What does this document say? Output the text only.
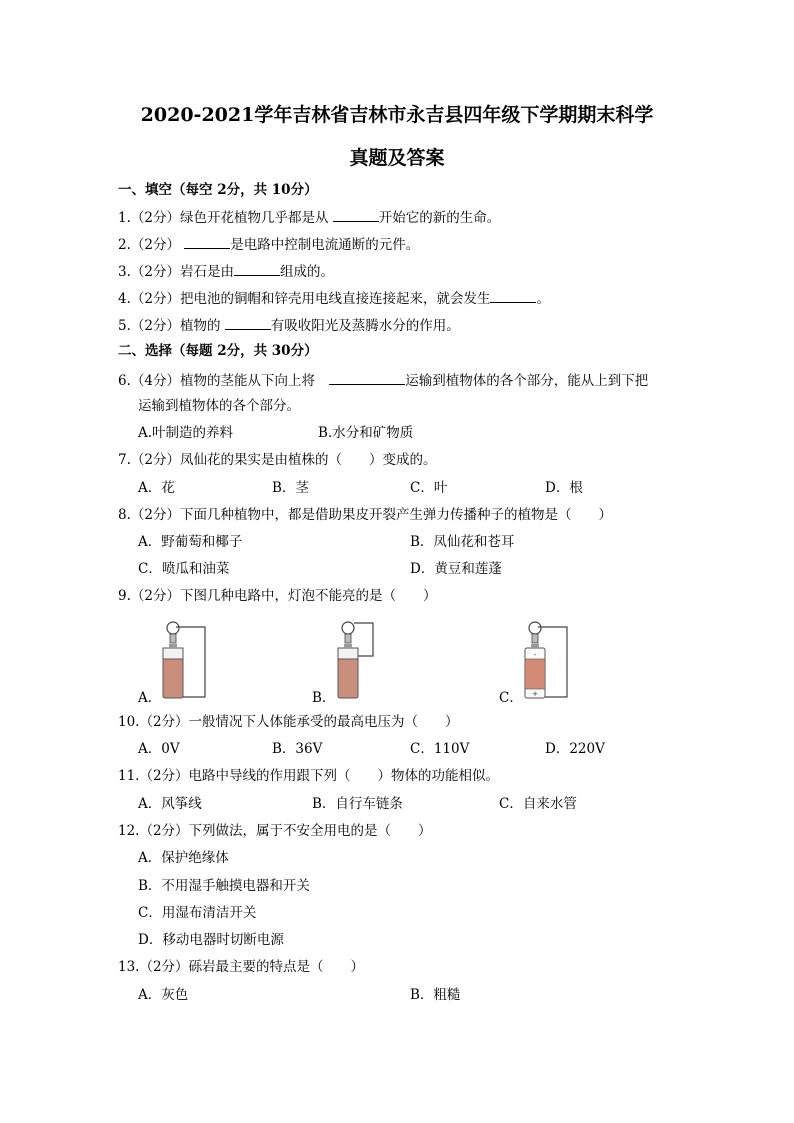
2020-2021学年吉林省吉林市永吉县四年级下学期期末科学
真题及答案
一、填空（每空 2分，共 10分）
1.（2分）绿色开花植物几乎都是从	开始它的新的生命。
2.（2分）	是电路中控制电流通断的元件。
3.（2分）岩石是由	组成的。
4.（2分）把电池的铜帽和锌壳用电线直接连接起来，就会发生	。
5.（2分）植物的	有吸收阳光及蒸腾水分的作用。
二、选择（每题 2分，共 30分）
6.（4分）植物的茎能从下向上将	运输到植物体的各个部分，能从上到下把
运输到植物体的各个部分。
A.叶制造的养料	B.水分和矿物质
7.（2分）凤仙花的果实是由植株的（　　）变成的。
A．花	B．茎	C．叶	D．根
8.（2分）下面几种植物中，都是借助果皮开裂产生弹力传播种子的植物是（　　）
A．野葡萄和椰子	B．凤仙花和苍耳
C．喷瓜和油菜	D．黄豆和莲蓬
9.（2分）下图几种电路中，灯泡不能亮的是（　　）
-
+
A．	B．	C．
10.（2分）一般情况下人体能承受的最高电压为（　　）
A．0V	B．36V	C．110V	D．220V
11.（2分）电路中导线的作用跟下列（　　）物体的功能相似。
A．风筝线	B．自行车链条	C．自来水管
12.（2分）下列做法，属于不安全用电的是（　　）
A．保护绝缘体
B．不用湿手触摸电器和开关
C．用湿布清洁开关
D．移动电器时切断电源
13.（2分）砾岩最主要的特点是（　　）
A．灰色	B．粗糙
